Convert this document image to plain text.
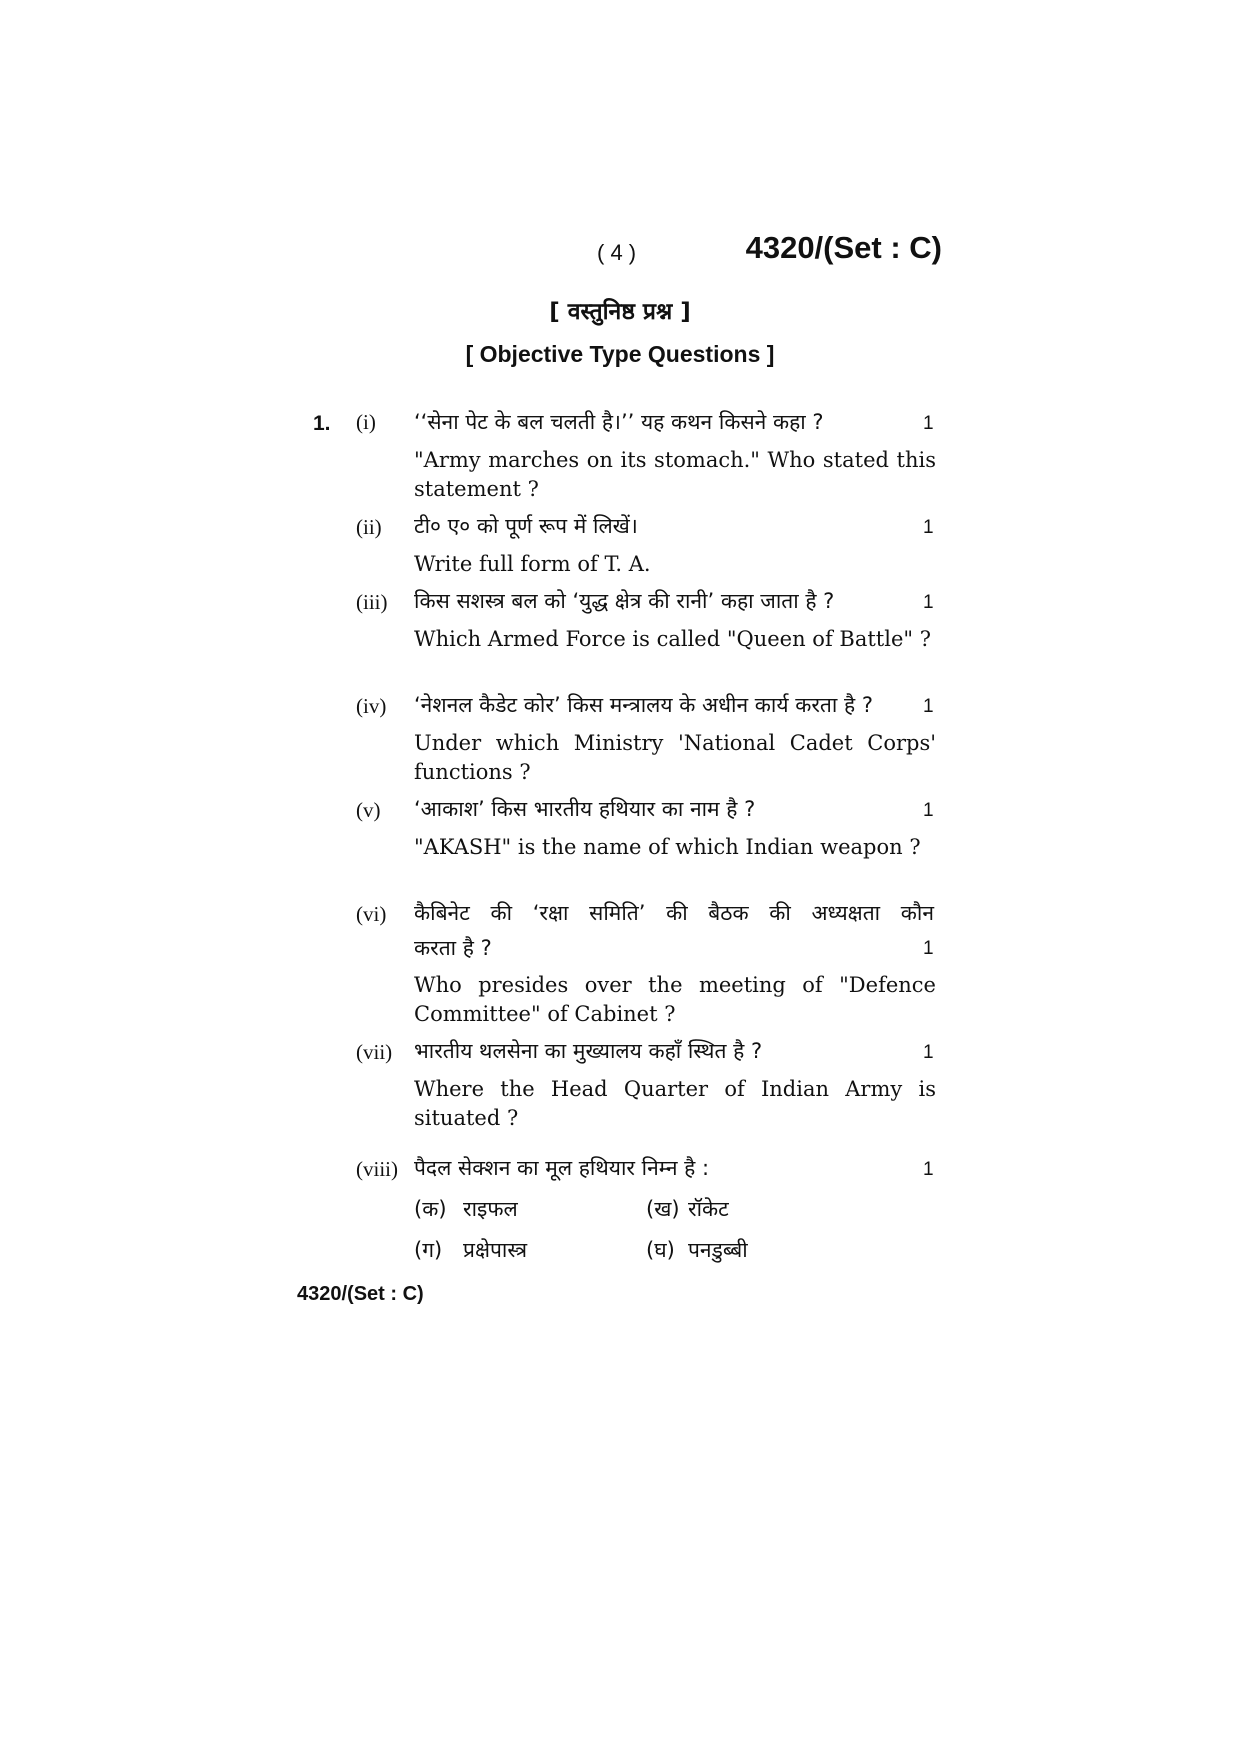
( 4 )	4320/(Set : C)
[ वस्तुनिष्ठ प्रश्न ]
[ Objective Type Questions ]
1. (i) ‘‘सेना पेट के बल चलती है।’’ यह कथन किसने कहा ?	1
"Army marches on its stomach." Who stated this statement ?
(ii) टी० ए० को पूर्ण रूप में लिखें।	1
Write full form of T. A.
(iii) किस सशस्त्र बल को ‘युद्ध क्षेत्र की रानी’ कहा जाता है ?	1
Which Armed Force is called "Queen of Battle" ?
(iv) ‘नेशनल कैडेट कोर’ किस मन्त्रालय के अधीन कार्य करता है ?	1
Under which Ministry 'National Cadet Corps' functions ?
(v) ‘आकाश’ किस भारतीय हथियार का नाम है ?	1
"AKASH" is the name of which Indian weapon ?
(vi) कैबिनेट की ‘रक्षा समिति’ की बैठक की अध्यक्षता कौन
करता है ?	1
Who presides over the meeting of "Defence Committee" of Cabinet ?
(vii) भारतीय थलसेना का मुख्यालय कहाँ स्थित है ?	1
Where the Head Quarter of Indian Army is situated ?
(viii) पैदल सेक्शन का मूल हथियार निम्न है :	1
(क) राइफल	(ख) रॉकेट
(ग) प्रक्षेपास्त्र	(घ) पनडुब्बी
4320/(Set : C)
